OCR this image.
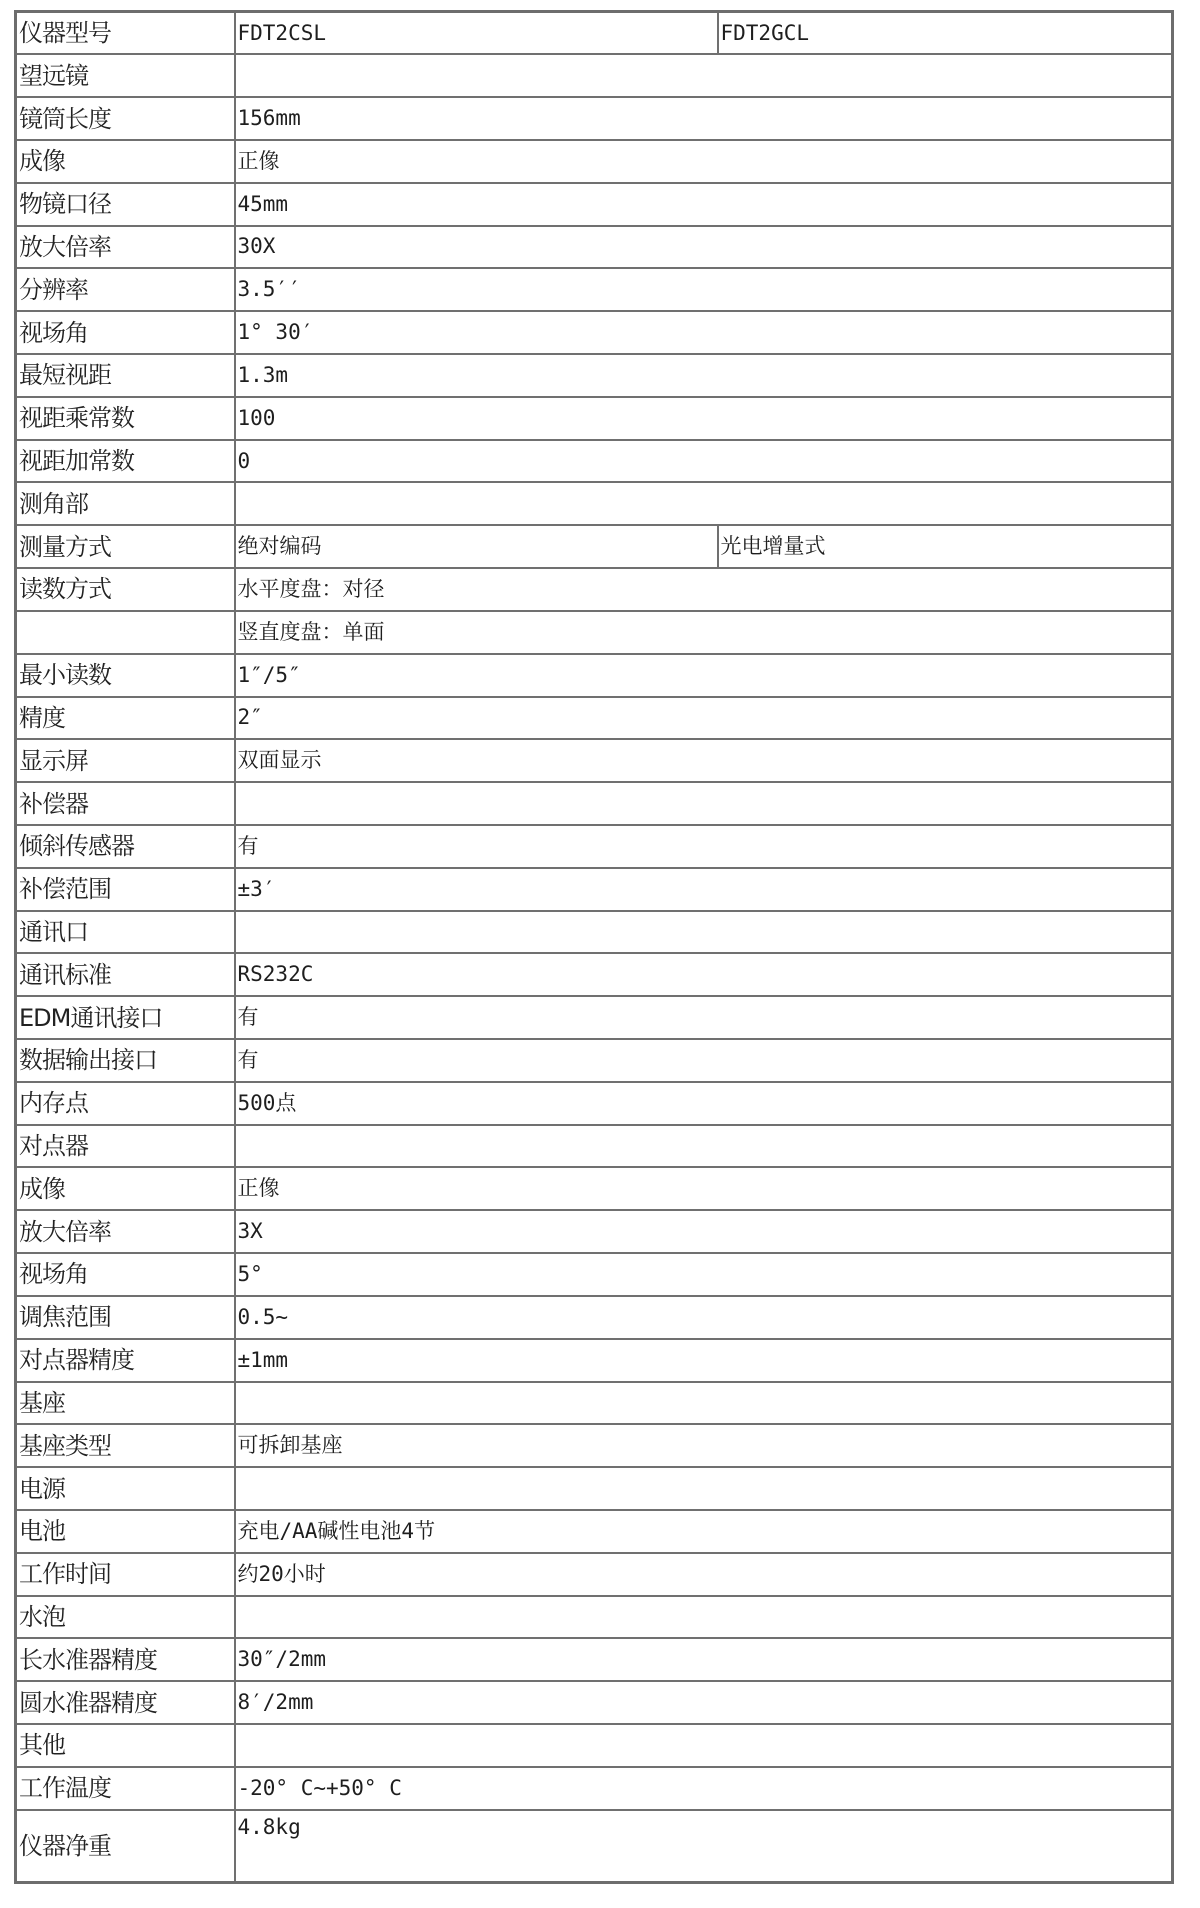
仪器型号	FDT2CSL	FDT2GCL
望远镜		
镜筒长度	156mm	
成像	正像	
物镜口径	45mm	
放大倍率	30X	
分辨率	3.5′′	
视场角	1° 30′	
最短视距	1.3m	
视距乘常数	100	
视距加常数	0	
测角部		
测量方式	绝对编码	光电增量式
读数方式	水平度盘：对径	
	竖直度盘：单面	
最小读数	1″/5″	
精度	2″	
显示屏	双面显示	
补偿器		
倾斜传感器	有	
补偿范围	±3′	
通讯口		
通讯标准	RS232C	
EDM通讯接口	有	
数据输出接口	有	
内存点	500点	
对点器		
成像	正像	
放大倍率	3X	
视场角	5°	
调焦范围	0.5~	
对点器精度	±1mm	
基座		
基座类型	可拆卸基座	
电源		
电池	充电/AA碱性电池4节	
工作时间	约20小时	
水泡		
长水准器精度	30″/2mm	
圆水准器精度	8′/2mm	
其他		
工作温度	-20° C~+50° C	
仪器净重	4.8kg	
